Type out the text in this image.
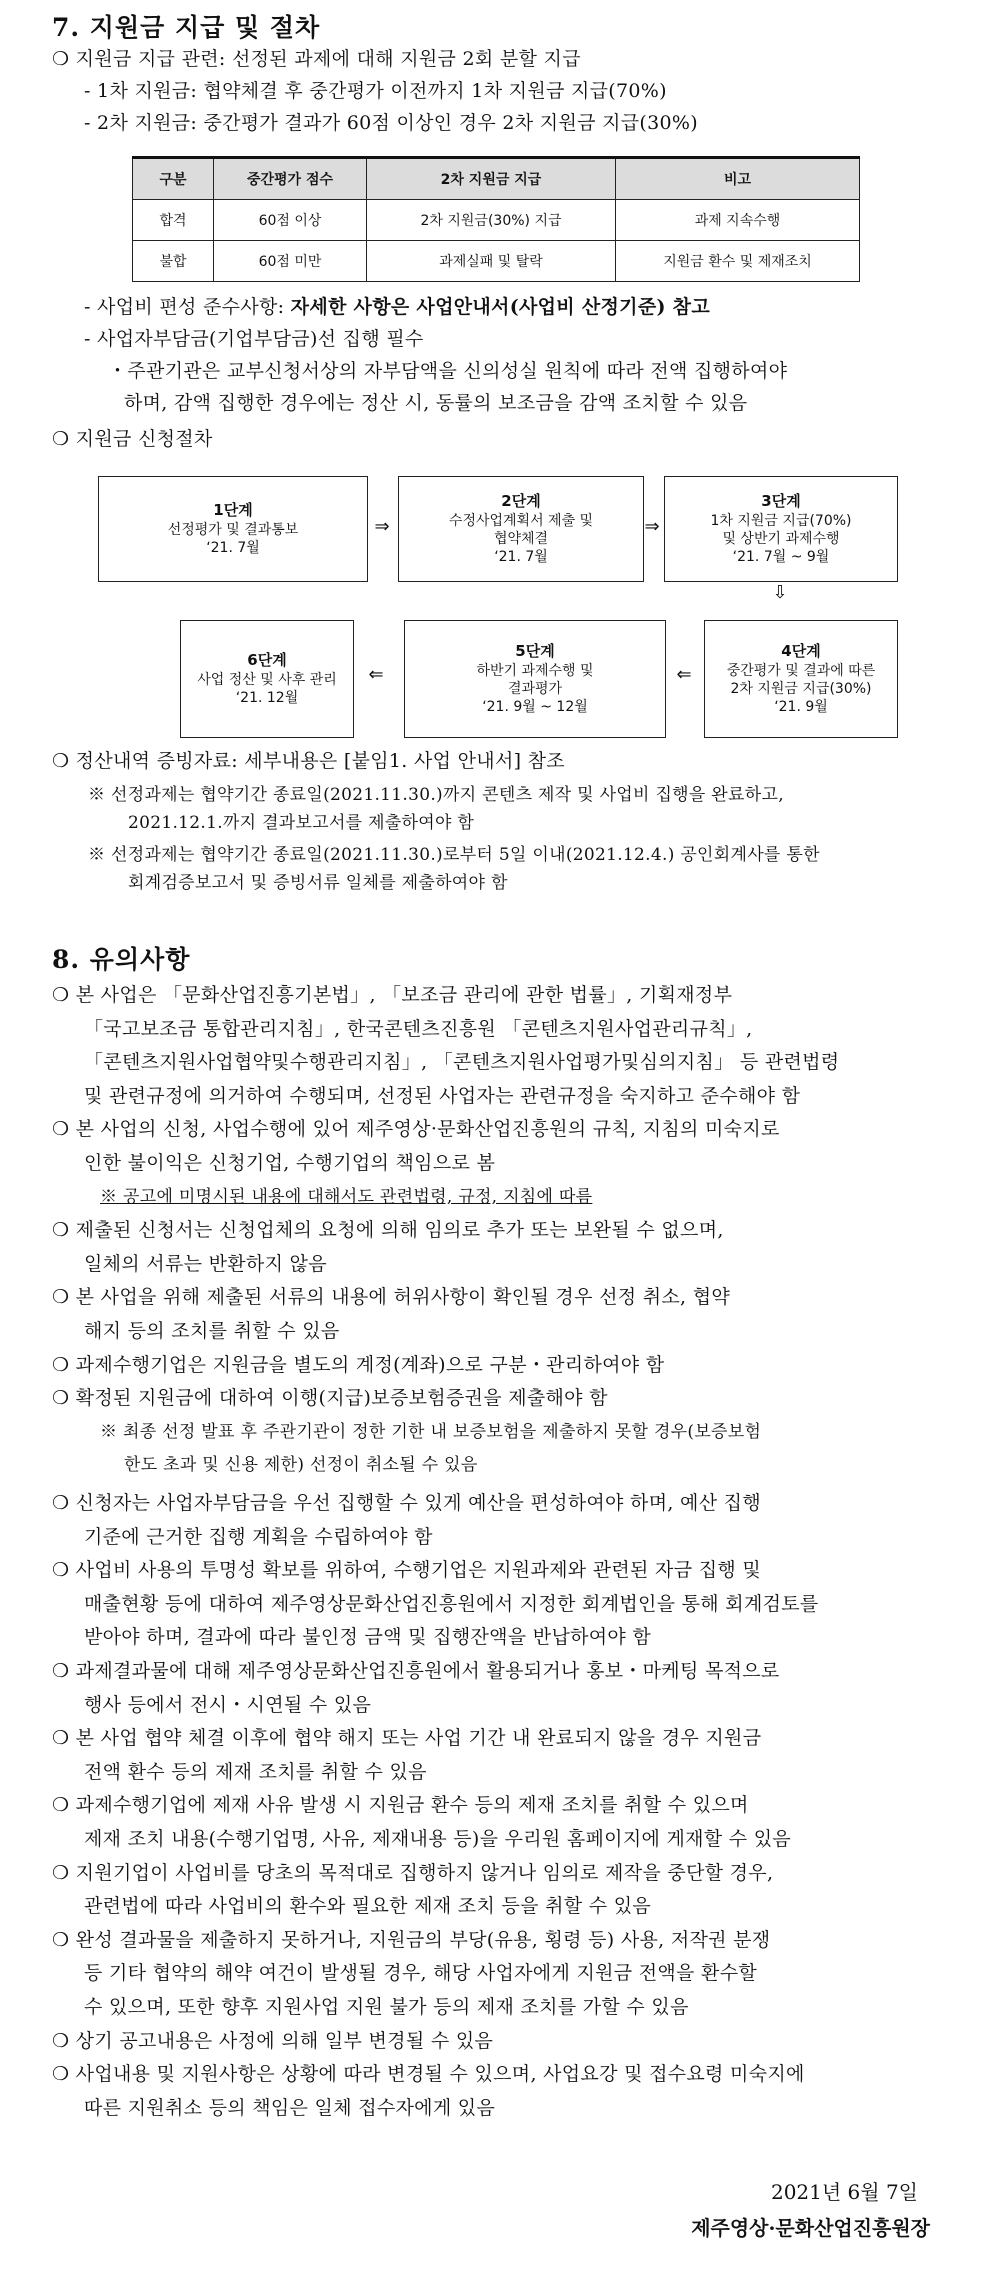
7. 지원금 지급 및 절차
❍ 지원금 지급 관련: 선정된 과제에 대해 지원금 2회 분할 지급
- 1차 지원금: 협약체결 후 중간평가 이전까지 1차 지원금 지급(70%)
- 2차 지원금: 중간평가 결과가 60점 이상인 경우 2차 지원금 지급(30%)
구분	중간평가 점수	2차 지원금 지급	비고
합격	60점 이상	2차 지원금(30%) 지급	과제 지속수행
불합	60점 미만	과제실패 및 탈락	지원금 환수 및 제재조치
- 사업비 편성 준수사항: 자세한 사항은 사업안내서(사업비 산정기준) 참고
- 사업자부담금(기업부담금)선 집행 필수
・주관기관은 교부신청서상의 자부담액을 신의성실 원칙에 따라 전액 집행하여야
하며, 감액 집행한 경우에는 정산 시, 동률의 보조금을 감액 조치할 수 있음
❍ 지원금 신청절차
1단계
선정평가 및 결과통보
‘21. 7월
⇒
2단계
수정사업계획서 제출 및
협약체결
‘21. 7월
⇒
3단계
1차 지원금 지급(70%)
및 상반기 과제수행
‘21. 7월 ~ 9월
⇩
4단계
중간평가 및 결과에 따른
2차 지원금 지급(30%)
‘21. 9월
⇐
5단계
하반기 과제수행 및
결과평가
‘21. 9월 ~ 12월
⇐
6단계
사업 정산 및 사후 관리
‘21. 12월
❍ 정산내역 증빙자료: 세부내용은 [붙임1. 사업 안내서] 참조
※ 선정과제는 협약기간 종료일(2021.11.30.)까지 콘텐츠 제작 및 사업비 집행을 완료하고,
2021.12.1.까지 결과보고서를 제출하여야 함
※ 선정과제는 협약기간 종료일(2021.11.30.)로부터 5일 이내(2021.12.4.) 공인회계사를 통한
회계검증보고서 및 증빙서류 일체를 제출하여야 함
8. 유의사항
❍ 본 사업은 「문화산업진흥기본법」, 「보조금 관리에 관한 법률」, 기획재정부
「국고보조금 통합관리지침」, 한국콘텐츠진흥원 「콘텐츠지원사업관리규칙」,
「콘텐츠지원사업협약및수행관리지침」, 「콘텐츠지원사업평가및심의지침」 등 관련법령
및 관련규정에 의거하여 수행되며, 선정된 사업자는 관련규정을 숙지하고 준수해야 함
❍ 본 사업의 신청, 사업수행에 있어 제주영상·문화산업진흥원의 규칙, 지침의 미숙지로
인한 불이익은 신청기업, 수행기업의 책임으로 봄
※ 공고에 미명시된 내용에 대해서도 관련법령, 규정, 지침에 따름
❍ 제출된 신청서는 신청업체의 요청에 의해 임의로 추가 또는 보완될 수 없으며,
일체의 서류는 반환하지 않음
❍ 본 사업을 위해 제출된 서류의 내용에 허위사항이 확인될 경우 선정 취소, 협약
해지 등의 조치를 취할 수 있음
❍ 과제수행기업은 지원금을 별도의 계정(계좌)으로 구분・관리하여야 함
❍ 확정된 지원금에 대하여 이행(지급)보증보험증권을 제출해야 함
※ 최종 선정 발표 후 주관기관이 정한 기한 내 보증보험을 제출하지 못할 경우(보증보험
한도 초과 및 신용 제한) 선정이 취소될 수 있음
❍ 신청자는 사업자부담금을 우선 집행할 수 있게 예산을 편성하여야 하며, 예산 집행
기준에 근거한 집행 계획을 수립하여야 함
❍ 사업비 사용의 투명성 확보를 위하여, 수행기업은 지원과제와 관련된 자금 집행 및
매출현황 등에 대하여 제주영상문화산업진흥원에서 지정한 회계법인을 통해 회계검토를
받아야 하며, 결과에 따라 불인정 금액 및 집행잔액을 반납하여야 함
❍ 과제결과물에 대해 제주영상문화산업진흥원에서 활용되거나 홍보・마케팅 목적으로
행사 등에서 전시・시연될 수 있음
❍ 본 사업 협약 체결 이후에 협약 해지 또는 사업 기간 내 완료되지 않을 경우 지원금
전액 환수 등의 제재 조치를 취할 수 있음
❍ 과제수행기업에 제재 사유 발생 시 지원금 환수 등의 제재 조치를 취할 수 있으며
제재 조치 내용(수행기업명, 사유, 제재내용 등)을 우리원 홈페이지에 게재할 수 있음
❍ 지원기업이 사업비를 당초의 목적대로 집행하지 않거나 임의로 제작을 중단할 경우,
관련법에 따라 사업비의 환수와 필요한 제재 조치 등을 취할 수 있음
❍ 완성 결과물을 제출하지 못하거나, 지원금의 부당(유용, 횡령 등) 사용, 저작권 분쟁
등 기타 협약의 해약 여건이 발생될 경우, 해당 사업자에게 지원금 전액을 환수할
수 있으며, 또한 향후 지원사업 지원 불가 등의 제재 조치를 가할 수 있음
❍ 상기 공고내용은 사정에 의해 일부 변경될 수 있음
❍ 사업내용 및 지원사항은 상황에 따라 변경될 수 있으며, 사업요강 및 접수요령 미숙지에
따른 지원취소 등의 책임은 일체 접수자에게 있음
2021년 6월 7일
제주영상·문화산업진흥원장
